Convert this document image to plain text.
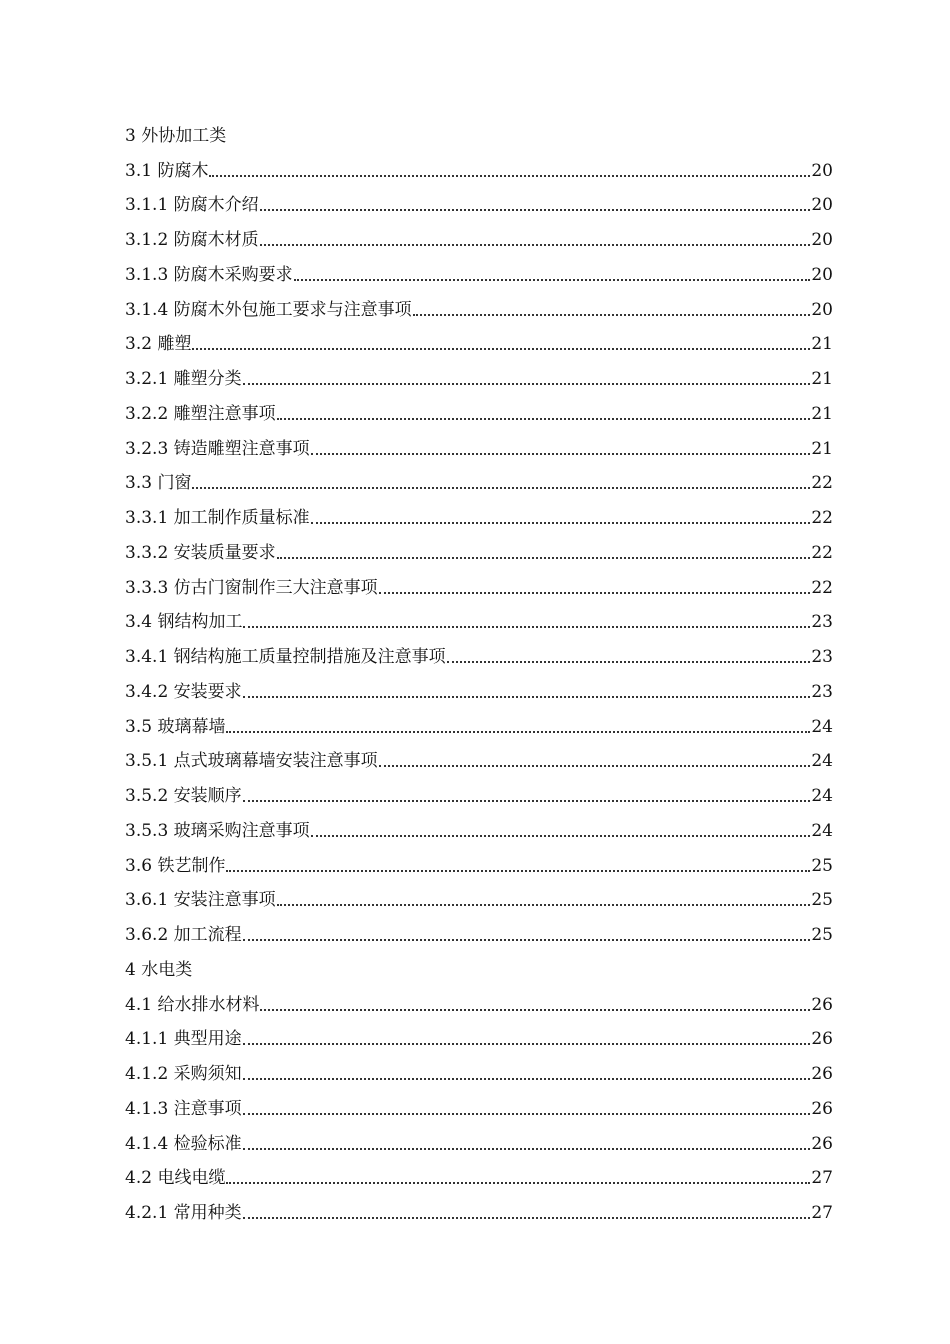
3 外协加工类
3.1 防腐木	20
3.1.1 防腐木介绍	20
3.1.2 防腐木材质	20
3.1.3 防腐木采购要求	20
3.1.4 防腐木外包施工要求与注意事项	20
3.2 雕塑	21
3.2.1 雕塑分类	21
3.2.2 雕塑注意事项	21
3.2.3 铸造雕塑注意事项	21
3.3 门窗	22
3.3.1 加工制作质量标准	22
3.3.2 安装质量要求	22
3.3.3 仿古门窗制作三大注意事项	22
3.4 钢结构加工	23
3.4.1 钢结构施工质量控制措施及注意事项	23
3.4.2 安装要求	23
3.5 玻璃幕墙	24
3.5.1 点式玻璃幕墙安装注意事项	24
3.5.2 安装顺序	24
3.5.3 玻璃采购注意事项	24
3.6 铁艺制作	25
3.6.1 安装注意事项	25
3.6.2 加工流程	25
4 水电类
4.1 给水排水材料	26
4.1.1 典型用途	26
4.1.2 采购须知	26
4.1.3 注意事项	26
4.1.4 检验标准	26
4.2 电线电缆	27
4.2.1 常用种类	27
